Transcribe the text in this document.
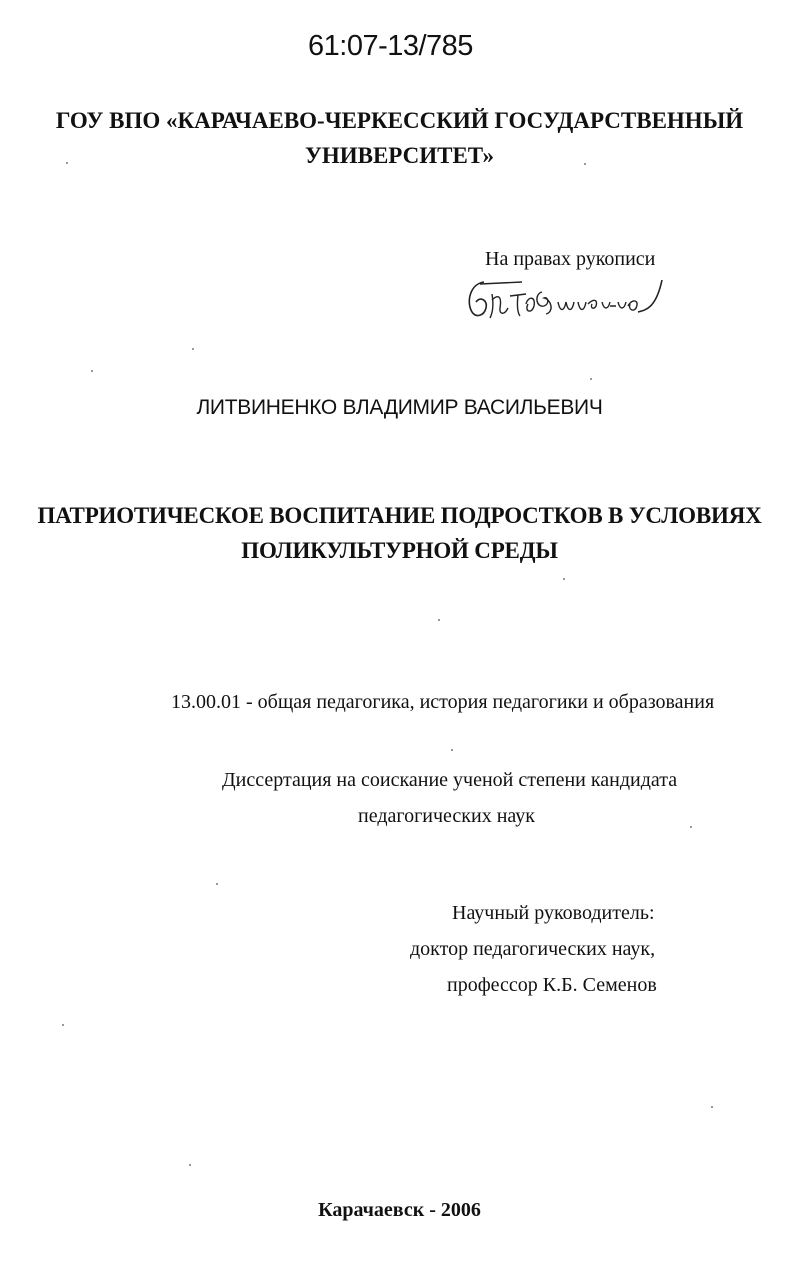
61:07-13/785
ГОУ ВПО «КАРАЧАЕВО-ЧЕРКЕССКИЙ ГОСУДАРСТВЕННЫЙ
УНИВЕРСИТЕТ»
На правах рукописи
ЛИТВИНЕНКО ВЛАДИМИР ВАСИЛЬЕВИЧ
ПАТРИОТИЧЕСКОЕ ВОСПИТАНИЕ ПОДРОСТКОВ В УСЛОВИЯХ
ПОЛИКУЛЬТУРНОЙ СРЕДЫ
13.00.01 - общая педагогика, история педагогики и образования
Диссертация на соискание ученой степени кандидата
педагогических наук
Научный руководитель:
доктор педагогических наук,
профессор К.Б. Семенов
Карачаевск - 2006
